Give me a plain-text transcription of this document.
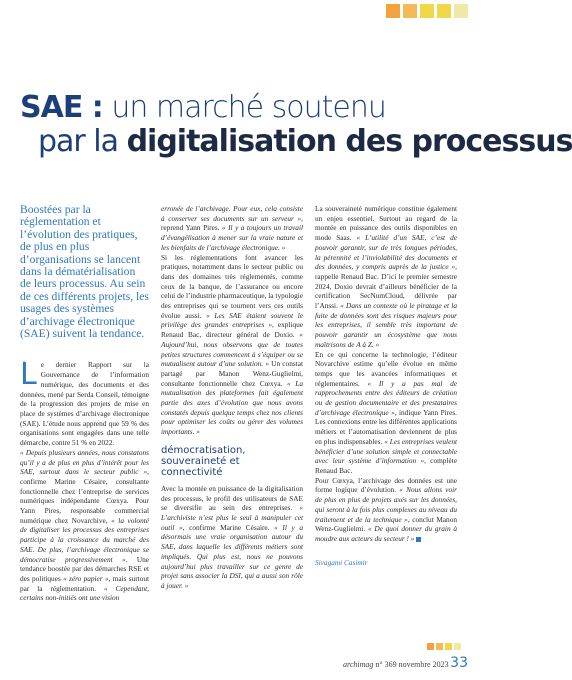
SAE : un marché soutenu
par la digitalisation des processus

Boostées par la réglementation et l’évolution des pratiques, de plus en plus d’organisations se lancent dans la dématérialisation de leurs processus. Au sein de ces différents projets, les usages des systèmes d’archivage électronique (SAE) suivent la tendance.

Le dernier Rapport sur la Gouvernance de l’information numérique, des documents et des données, mené par Serda Conseil, témoigne de la progression des projets de mise en place de systèmes d’archivage électronique (SAE). L’étude nous apprend que 59 % des organisations sont engagées dans une telle démarche, contre 51 % en 2022.
« Depuis plusieurs années, nous constatons qu’il y a de plus en plus d’intérêt pour les SAE, surtout dans le secteur public », confirme Marine Césaire, consultante fonctionnelle chez l’entreprise de services numériques indépendante Cœxya. Pour Yann Pires, responsable commercial numérique chez Novarchive, « la volonté de digitaliser les processus des entreprises participe à la croissance du marché des SAE. De plus, l’archivage électronique se démocratise progressivement ». Une tendance boostée par des démarches RSE et des politiques « zéro papier », mais surtout par la réglementation. « Cependant, certains non-initiés ont une vision

erronée de l’archivage. Pour eux, cela consiste à conserver ses documents sur un serveur », reprend Yann Pires. « Il y a toujours un travail d’évangélisation à mener sur la vraie nature et les bienfaits de l’archivage électronique. »
Si les réglementations font avancer les pratiques, notamment dans le secteur public ou dans des domaines très réglementés, comme ceux de la banque, de l’assurance ou encore celui de l’industrie pharmaceutique, la typologie des entreprises qui se tournent vers ces outils évolue aussi. « Les SAE étaient souvent le privilège des grandes entreprises », explique Renaud Bac, directeur général de Doxio. « Aujourd’hui, nous observons que de toutes petites structures commencent à s’équiper ou se mutualisent autour d’une solution. » Un constat partagé par Manon Wenz-Guglielmi, consultante fonctionnelle chez Cœxya. « La mutualisation des plateformes fait également partie des axes d’évolution que nous avons constatés depuis quelque temps chez nos clients pour optimiser les coûts ou gérer des volumes importants. »

démocratisation, souveraineté et connectivité

Avec la montée en puissance de la digitalisation des processus, le profil des utilisateurs de SAE se diversifie au sein des entreprises. « L’archiviste n’est plus le seul à manipuler cet outil », confirme Marine Césaire. « Il y a désormais une vraie organisation autour du SAE, dans laquelle les différents métiers sont impliqués. Qui plus est, nous ne pouvons aujourd’hui plus travailler sur ce genre de projet sans associer la DSI, qui a aussi son rôle à jouer. »

La souveraineté numérique constitue également un enjeu essentiel. Surtout au regard de la montée en puissance des outils disponibles en mode Saas. « L’utilité d’un SAE, c’est de pouvoir garantir, sur de très longues périodes, la pérennité et l’inviolabilité des documents et des données, y compris auprès de la justice », rappelle Renaud Bac. D’ici le premier semestre 2024, Doxio devrait d’ailleurs bénéficier de la certification SecNumCloud, délivrée par l’Anssi. « Dans un contexte où le piratage et la fuite de données sont des risques majeurs pour les entreprises, il semble très important de pouvoir garantir un écosystème que nous maîtrisons de A à Z. »
En ce qui concerne la technologie, l’éditeur Novarchive estime qu’elle évolue en même temps que les avancées informatiques et réglementaires. « Il y a pas mal de rapprochements entre des éditeurs de création ou de gestion documentaire et des prestataires d’archivage électronique », indique Yann Pires. Les connexions entre les différentes applications métiers et l’automatisation deviennent de plus en plus indispensables. « Les entreprises veulent bénéficier d’une solution simple et connectable avec leur système d’information », complète Renaud Bac.
Pour Cœxya, l’archivage des données est une forme logique d’évolution. « Nous allons voir de plus en plus de projets axés sur les données, qui seront à la fois plus complexes au niveau du traitement et de la technique », conclut Manon Wenz-Guglielmi. « De quoi donner du grain à moudre aux acteurs du secteur ! »

Sivagami Casimir
archimag n° 369 novembre 2023 33
